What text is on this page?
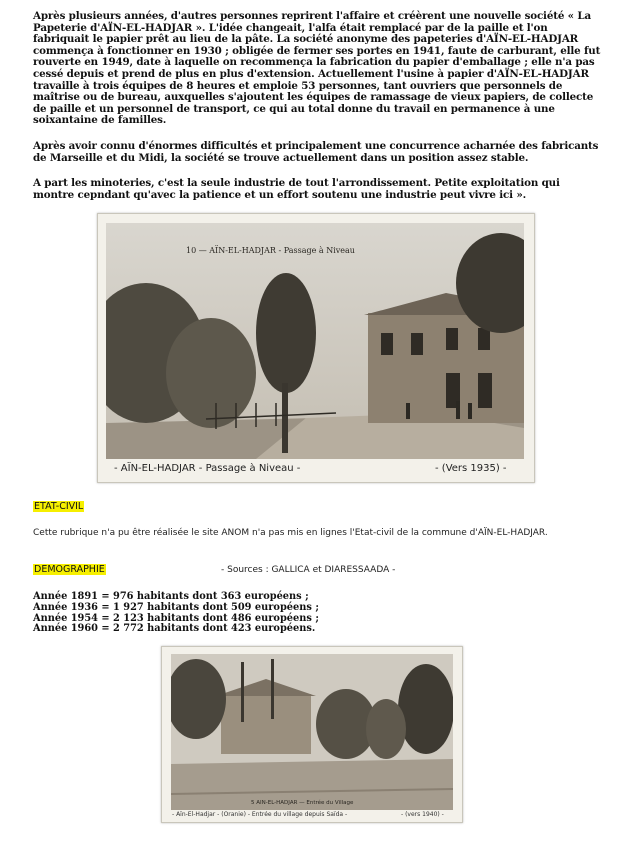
Après plusieurs années, d'autres personnes reprirent l'affaire et créèrent une nouvelle société « La Papeterie d'AÏN-EL-HADJAR ». L'idée changeait, l'alfa était remplacé par de la paille et l'on fabriquait le papier prêt au lieu de la pâte. La société anonyme des papeteries d'AÏN-EL-HADJAR commença à fonctionner en 1930 ; obligée de fermer ses portes en 1941, faute de carburant, elle fut rouverte en 1949, date à laquelle on recommença la fabrication du papier d'emballage ; elle n'a pas cessé depuis et prend de plus en plus d'extension. Actuellement l'usine à papier d'AÏN-EL-HADJAR travaille à trois équipes de 8 heures et emploie 53 personnes, tant ouvriers que personnels de maîtrise ou de bureau, auxquelles s'ajoutent les équipes de ramassage de vieux papiers, de collecte de paille et un personnel de transport, ce qui au total donne du travail en permanence à une soixantaine de familles.

Après avoir connu d'énormes difficultés et principalement une concurrence acharnée des fabricants de Marseille et du Midi, la société se trouve actuellement dans un position assez stable.

A part les minoteries, c'est la seule industrie de tout l'arrondissement. Petite exploitation qui montre cepndant qu'avec la patience et un effort soutenu une industrie peut vivre ici ».

10 — AÏN-EL-HADJAR - Passage à Niveau
- AÏN-EL-HADJAR - Passage à Niveau -	- (Vers 1935) -
ETAT-CIVIL
Cette rubrique n'a pu être réalisée le site ANOM n'a pas mis en lignes l'Etat-civil de la commune d'AÏN-EL-HADJAR.
DEMOGRAPHIE	- Sources : GALLICA et DIARESSAADA -
Année 1891 = 976 habitants dont 363 européens ;
Année 1936 = 1 927 habitants dont 509 européens ;
Année 1954 = 2 123 habitants dont 486 européens ;
Année 1960 = 2 772 habitants dont 423 européens.
5 AIN-EL-HADJAR — Entrée du Village
- Aïn-El-Hadjar - (Oranie) - Entrée du village depuis Saïda -	- (vers 1940) -
